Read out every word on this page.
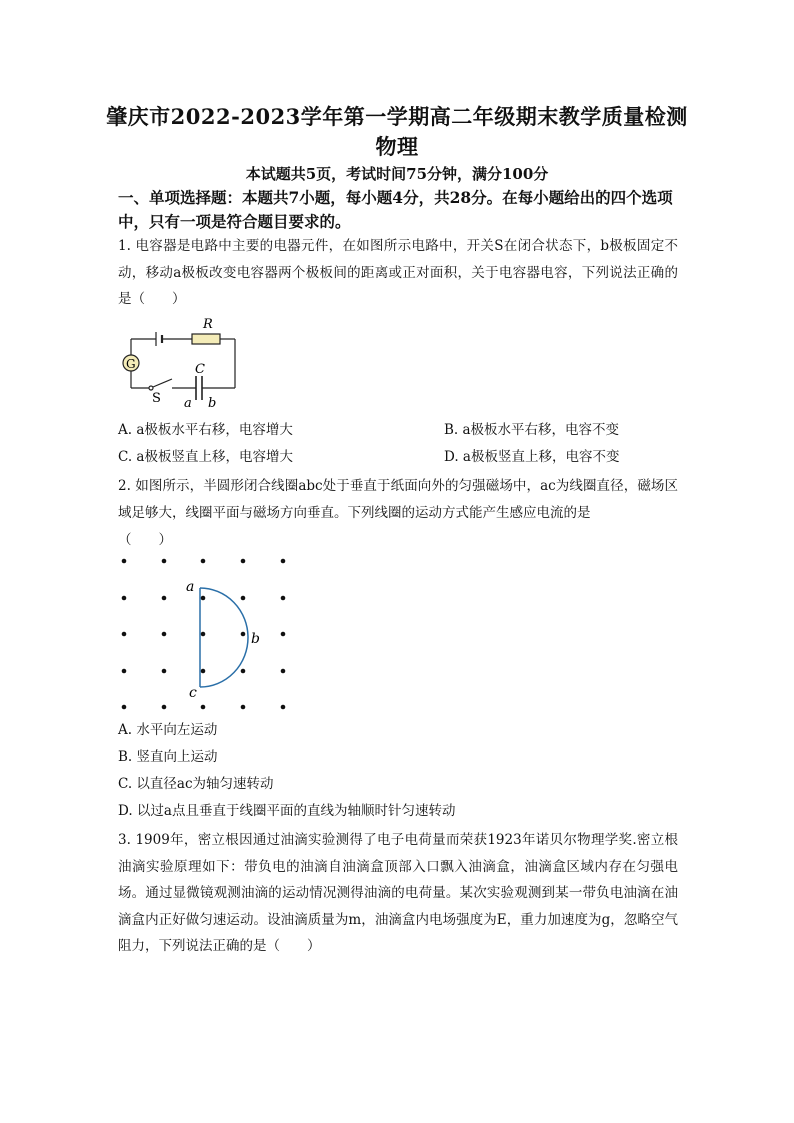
肇庆市2022-2023学年第一学期高二年级期末教学质量检测
物理
本试题共5页，考试时间75分钟，满分100分
一、单项选择题：本题共7小题，每小题4分，共28分。在每小题给出的四个选项中，只有一项是符合题目要求的。
1. 电容器是电路中主要的电器元件，在如图所示电路中，开关S在闭合状态下，b极板固定不动，移动a极板改变电容器两个极板间的距离或正对面积，关于电容器电容，下列说法正确的是（　　）
R
G	C
S a b
A. a极板水平右移，电容增大	B. a极板水平右移，电容不变
C. a极板竖直上移，电容增大	D. a极板竖直上移，电容不变
2. 如图所示，半圆形闭合线圈abc处于垂直于纸面向外的匀强磁场中，ac为线圈直径，磁场区域足够大，线圈平面与磁场方向垂直。下列线圈的运动方式能产生感应电流的是
（　　）
a
b
c
A. 水平向左运动
B. 竖直向上运动
C. 以直径ac为轴匀速转动
D. 以过a点且垂直于线圈平面的直线为轴顺时针匀速转动
3. 1909年，密立根因通过油滴实验测得了电子电荷量而荣获1923年诺贝尔物理学奖.密立根油滴实验原理如下：带负电的油滴自油滴盒顶部入口飘入油滴盒，油滴盒区域内存在匀强电场。通过显微镜观测油滴的运动情况测得油滴的电荷量。某次实验观测到某一带负电油滴在油滴盒内正好做匀速运动。设油滴质量为m，油滴盒内电场强度为E，重力加速度为g，忽略空气阻力，下列说法正确的是（　　）
